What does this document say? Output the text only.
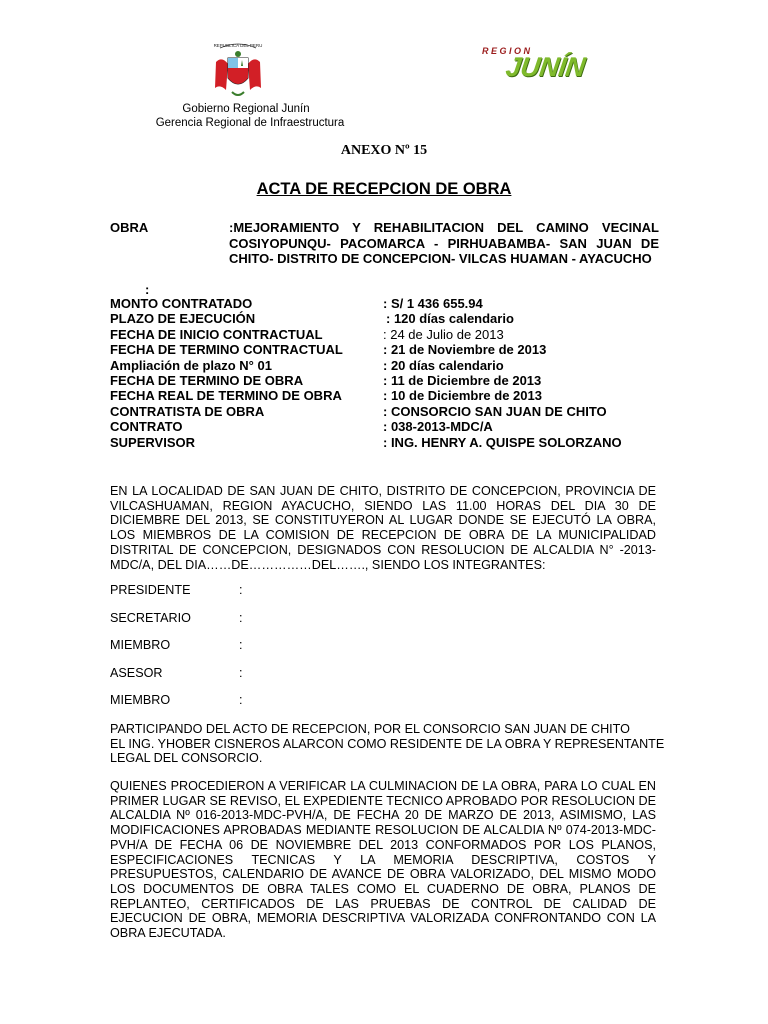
REPUBLICA DEL PERU
REGION
JUNÍN
Gobierno Regional Junín
Gerencia Regional de Infraestructura
ANEXO Nº 15
ACTA DE RECEPCION DE OBRA
OBRA	:MEJORAMIENTO Y REHABILITACION DEL CAMINO VECINAL COSIYOPUNQU- PACOMARCA - PIRHUABAMBA- SAN JUAN DE CHITO- DISTRITO DE CONCEPCION- VILCAS HUAMAN - AYACUCHO
:
MONTO CONTRATADO	: S/ 1 436 655.94
PLAZO DE EJECUCIÓN	: 120 días calendario
FECHA DE INICIO CONTRACTUAL	: 24 de Julio de 2013
FECHA DE TERMINO CONTRACTUAL	: 21 de Noviembre de 2013
Ampliación de plazo N° 01	: 20 días calendario
FECHA DE TERMINO DE OBRA	: 11 de Diciembre de 2013
FECHA REAL DE TERMINO DE OBRA	: 10 de Diciembre de 2013
CONTRATISTA DE OBRA	: CONSORCIO SAN JUAN DE CHITO
CONTRATO	: 038-2013-MDC/A
SUPERVISOR	: ING. HENRY A. QUISPE SOLORZANO
EN LA LOCALIDAD DE SAN JUAN DE CHITO, DISTRITO DE CONCEPCION, PROVINCIA DE VILCASHUAMAN, REGION AYACUCHO, SIENDO LAS 11.00 HORAS DEL DIA 30 DE DICIEMBRE DEL 2013, SE CONSTITUYERON AL LUGAR DONDE SE EJECUTÓ LA OBRA, LOS MIEMBROS DE LA COMISION DE RECEPCION DE OBRA DE LA MUNICIPALIDAD DISTRITAL DE CONCEPCION, DESIGNADOS CON RESOLUCION DE ALCALDIA N° -2013-MDC/A, DEL DIA……DE……………DEL……., SIENDO LOS INTEGRANTES:
PRESIDENTE	:
SECRETARIO	:
MIEMBRO	:
ASESOR	:
MIEMBRO	:
PARTICIPANDO DEL ACTO DE RECEPCION, POR EL CONSORCIO SAN JUAN DE CHITO
EL ING. YHOBER CISNEROS ALARCON COMO RESIDENTE DE LA OBRA Y REPRESENTANTE
LEGAL DEL CONSORCIO.
QUIENES PROCEDIERON A VERIFICAR LA CULMINACION DE LA OBRA, PARA LO CUAL EN PRIMER LUGAR SE REVISO, EL EXPEDIENTE TECNICO APROBADO POR RESOLUCION DE ALCALDIA Nº 016-2013-MDC-PVH/A, DE FECHA 20 DE MARZO DE 2013, ASIMISMO, LAS MODIFICACIONES APROBADAS MEDIANTE RESOLUCION DE ALCALDIA Nº 074-2013-MDC-PVH/A DE FECHA 06 DE NOVIEMBRE DEL 2013 CONFORMADOS POR LOS PLANOS, ESPECIFICACIONES TECNICAS Y LA MEMORIA DESCRIPTIVA, COSTOS Y PRESUPUESTOS, CALENDARIO DE AVANCE DE OBRA VALORIZADO, DEL MISMO MODO LOS DOCUMENTOS DE OBRA TALES COMO EL CUADERNO DE OBRA, PLANOS DE REPLANTEO, CERTIFICADOS DE LAS PRUEBAS DE CONTROL DE CALIDAD DE EJECUCION DE OBRA, MEMORIA DESCRIPTIVA VALORIZADA CONFRONTANDO CON LA OBRA EJECUTADA.
